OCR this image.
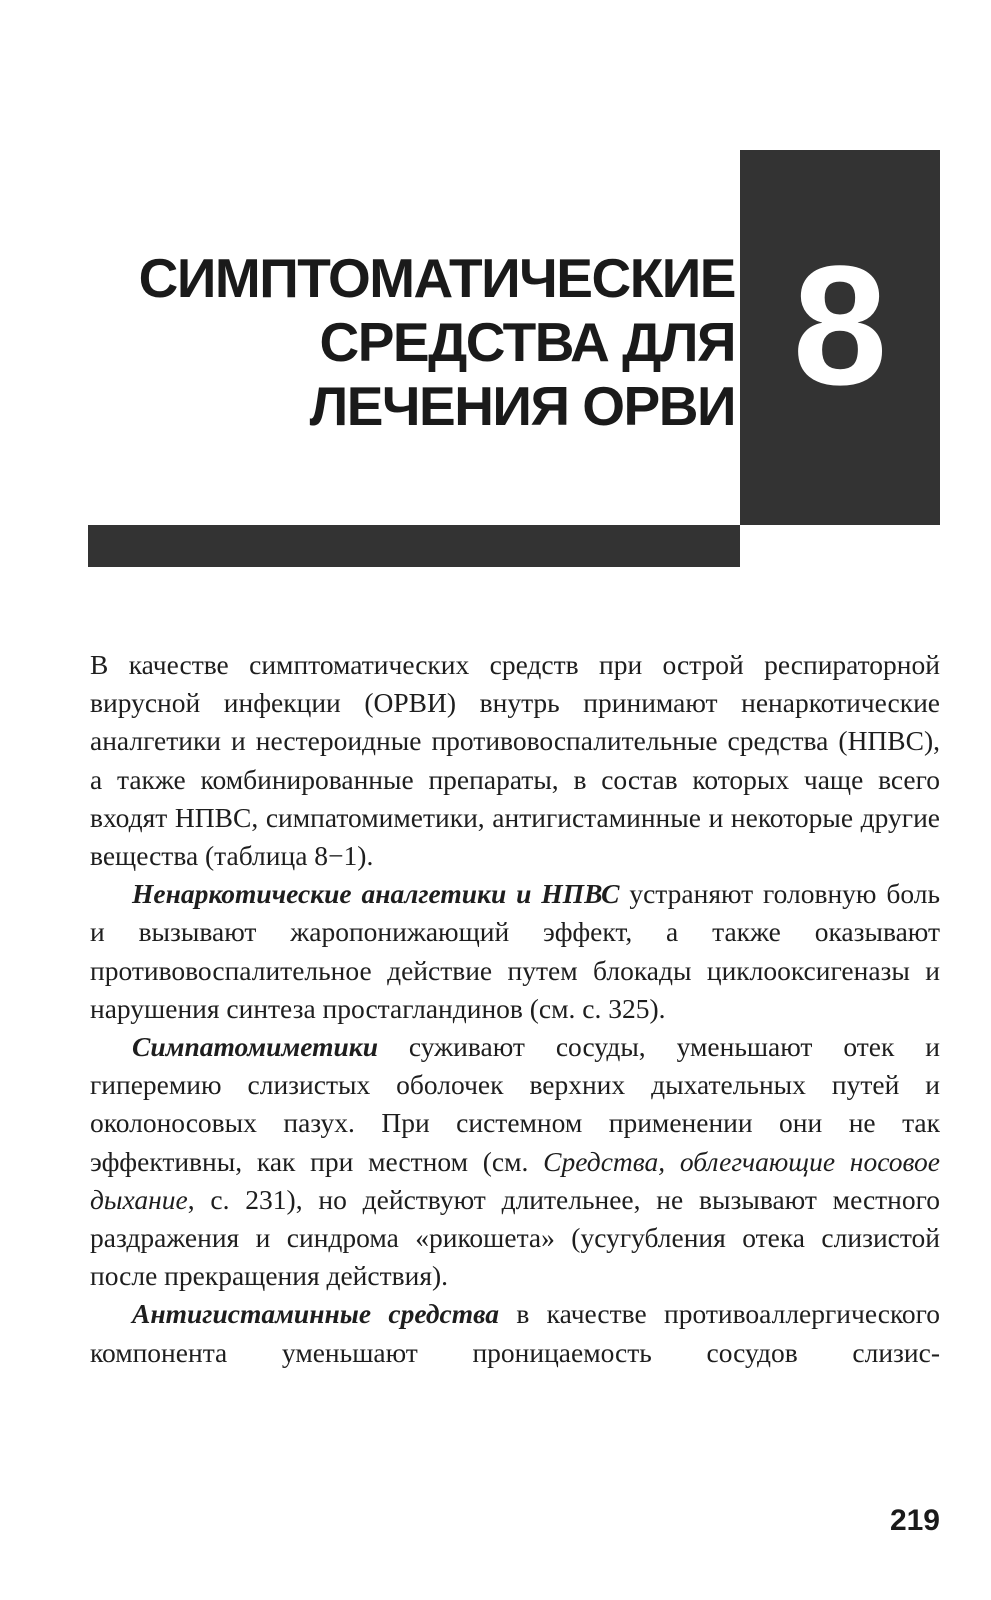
СИМПТОМАТИЧЕСКИЕ
СРЕДСТВА ДЛЯ
ЛЕЧЕНИЯ ОРВИ 8

В качестве симптоматических средств при острой респираторной вирусной инфекции (ОРВИ) внутрь принимают ненаркотические аналгетики и нестероидные противовоспалительные средства (НПВС), а также комбинированные препараты, в состав которых чаще всего входят НПВС, симпатомиметики, антигистаминные и некоторые другие вещества (таблица 8−1).

Ненаркотические аналгетики и НПВС устраняют головную боль и вызывают жаропонижающий эффект, а также оказывают противовоспалительное действие путем блокады циклооксигеназы и нарушения синтеза простагландинов (см. с. 325).

Симпатомиметики суживают сосуды, уменьшают отек и гиперемию слизистых оболочек верхних дыхательных путей и околоносовых пазух. При системном применении они не так эффективны, как при местном (см. Средства, облегчающие носовое дыхание, с. 231), но действуют длительнее, не вызывают местного раздражения и синдрома «рикошета» (усугубления отека слизистой после прекращения действия).

Антигистаминные средства в качестве противоаллергического компонента уменьшают проницаемость сосудов слизис-

219
